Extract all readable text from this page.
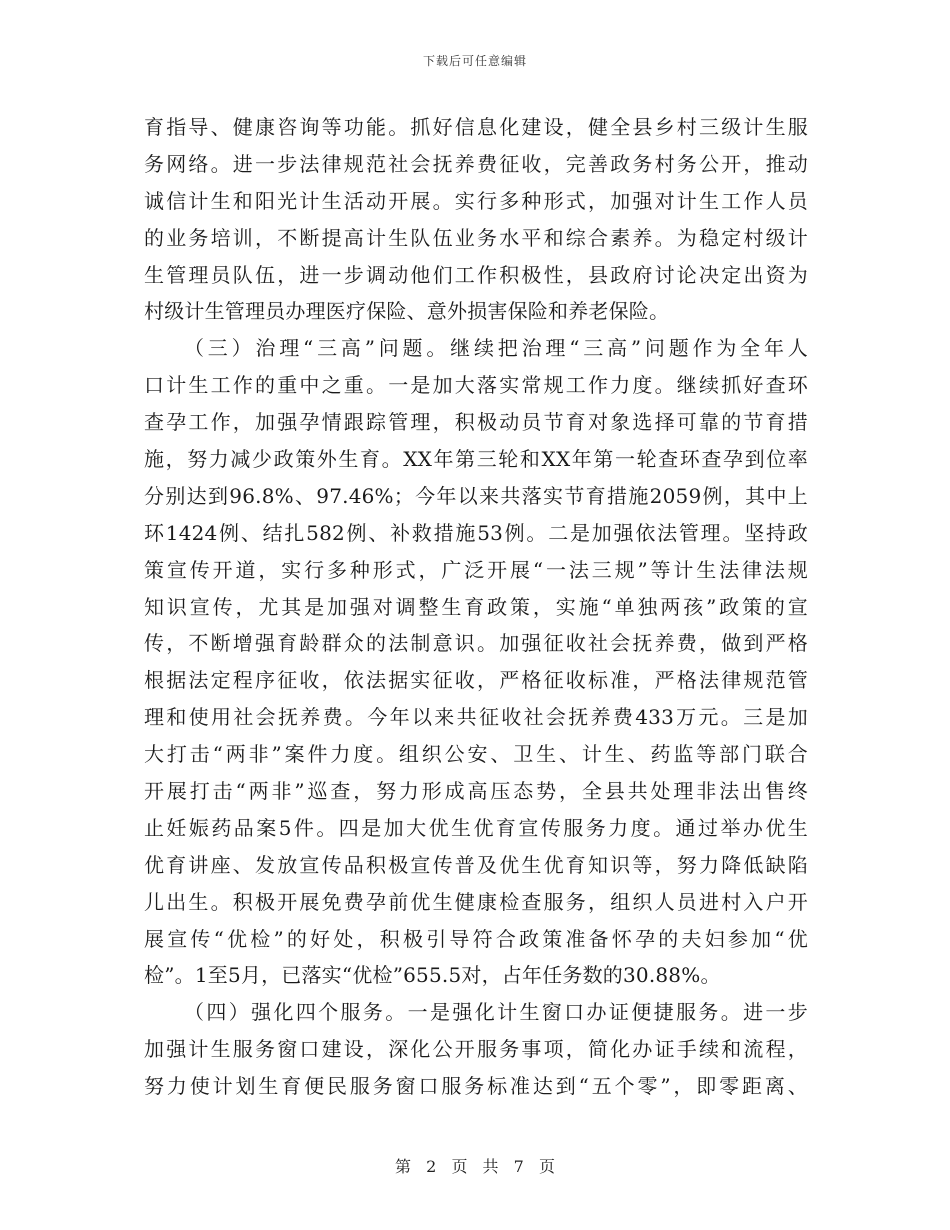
下载后可任意编辑
育指导、健康咨询等功能。抓好信息化建设，健全县乡村三级计生服
务网络。进一步法律规范社会抚养费征收，完善政务村务公开，推动
诚信计生和阳光计生活动开展。实行多种形式，加强对计生工作人员
的业务培训，不断提高计生队伍业务水平和综合素养。为稳定村级计
生管理员队伍，进一步调动他们工作积极性，县政府讨论决定出资为
村级计生管理员办理医疗保险、意外损害保险和养老保险。
（三）治理“三高”问题。继续把治理“三高”问题作为全年人
口计生工作的重中之重。一是加大落实常规工作力度。继续抓好查环
查孕工作，加强孕情跟踪管理，积极动员节育对象选择可靠的节育措
施，努力减少政策外生育。XX年第三轮和XX年第一轮查环查孕到位率
分别达到96.8%、97.46%；今年以来共落实节育措施2059例，其中上
环1424例、结扎582例、补救措施53例。二是加强依法管理。坚持政
策宣传开道，实行多种形式，广泛开展“一法三规”等计生法律法规
知识宣传，尤其是加强对调整生育政策，实施“单独两孩”政策的宣
传，不断增强育龄群众的法制意识。加强征收社会抚养费，做到严格
根据法定程序征收，依法据实征收，严格征收标准，严格法律规范管
理和使用社会抚养费。今年以来共征收社会抚养费433万元。三是加
大打击“两非”案件力度。组织公安、卫生、计生、药监等部门联合
开展打击“两非”巡查，努力形成高压态势，全县共处理非法出售终
止妊娠药品案5件。四是加大优生优育宣传服务力度。通过举办优生
优育讲座、发放宣传品积极宣传普及优生优育知识等，努力降低缺陷
儿出生。积极开展免费孕前优生健康检查服务，组织人员进村入户开
展宣传“优检”的好处，积极引导符合政策准备怀孕的夫妇参加“优
检”。1至5月，已落实“优检”655.5对，占年任务数的30.88%。
（四）强化四个服务。一是强化计生窗口办证便捷服务。进一步
加强计生服务窗口建设，深化公开服务事项，简化办证手续和流程，
努力使计划生育便民服务窗口服务标准达到“五个零”，即零距离、
第 2 页 共 7 页
